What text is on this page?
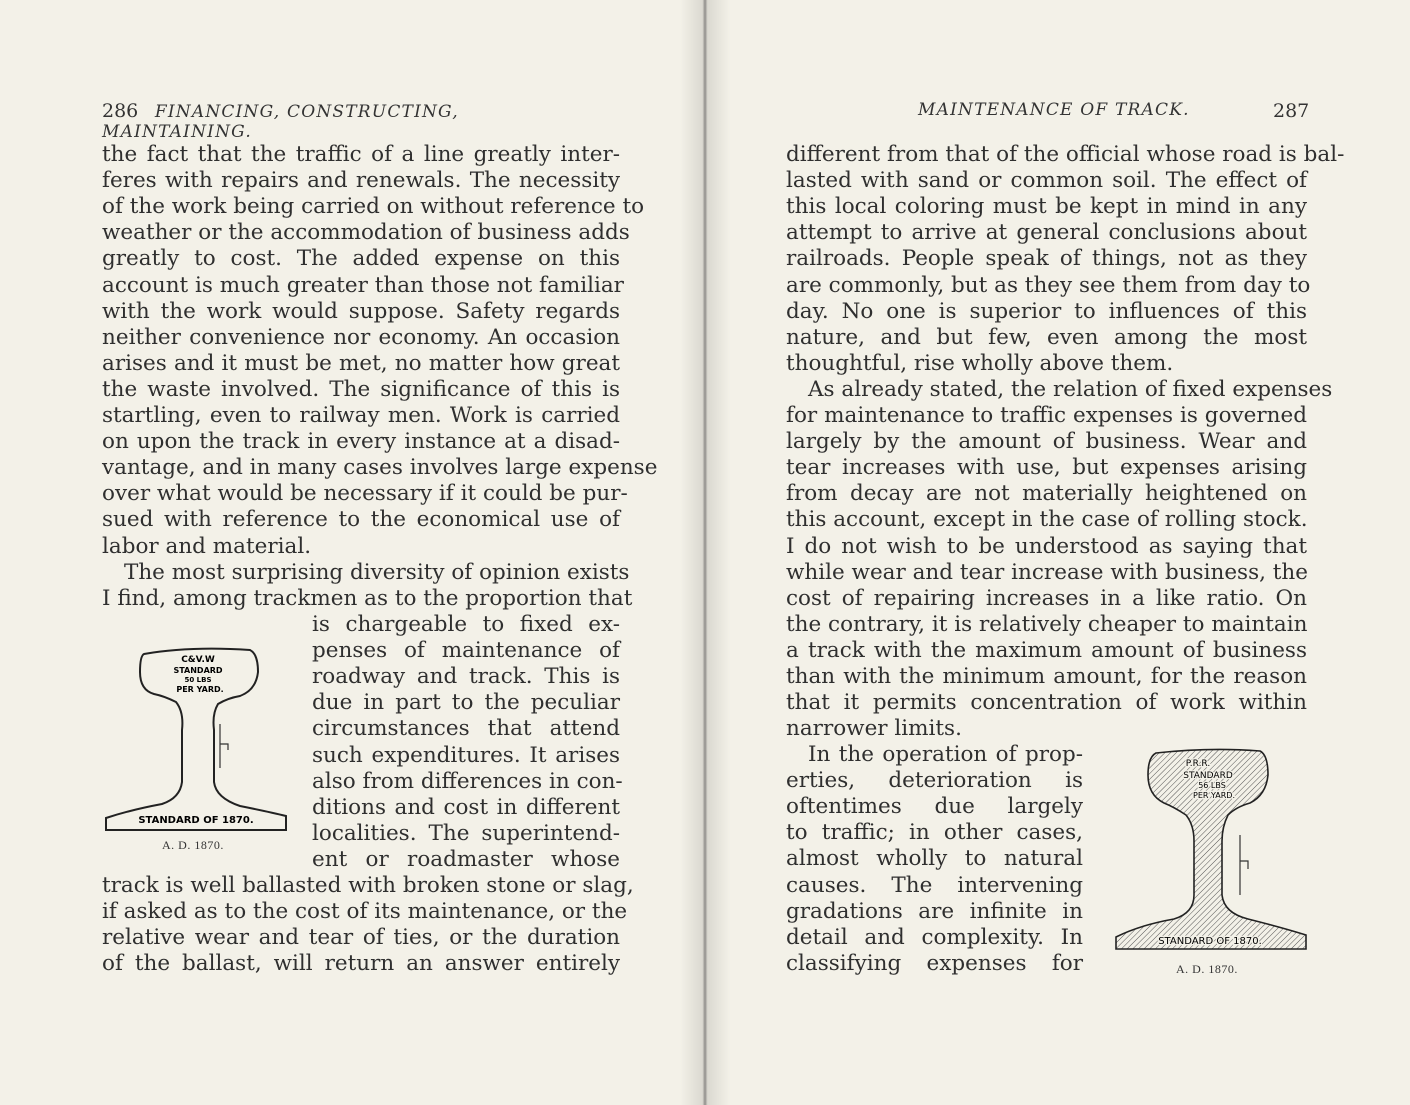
286 FINANCING, CONSTRUCTING, MAINTAINING.
the fact that the traffic of a line greatly inter-
feres with repairs and renewals. The necessity
of the work being carried on without reference to
weather or the accommodation of business adds
greatly to cost. The added expense on this
account is much greater than those not familiar
with the work would suppose. Safety regards
neither convenience nor economy. An occasion
arises and it must be met, no matter how great
the waste involved. The significance of this is
startling, even to railway men. Work is carried
on upon the track in every instance at a disad-
vantage, and in many cases involves large expense
over what would be necessary if it could be pur-
sued with reference to the economical use of
labor and material.
The most surprising diversity of opinion exists
I find, among trackmen as to the proportion that
is chargeable to fixed ex-
penses of maintenance of
roadway and track. This is
due in part to the peculiar
circumstances that attend
such expenditures. It arises
also from differences in con-
ditions and cost in different
localities. The superintend-
ent or roadmaster whose
track is well ballasted with broken stone or slag,
if asked as to the cost of its maintenance, or the
relative wear and tear of ties, or the duration
of the ballast, will return an answer entirely
C&V.W
STANDARD
50 LBS
PER YARD.
STANDARD OF 1870.
A. D. 1870.
MAINTENANCE OF TRACK.	287
different from that of the official whose road is bal-
lasted with sand or common soil. The effect of
this local coloring must be kept in mind in any
attempt to arrive at general conclusions about
railroads. People speak of things, not as they
are commonly, but as they see them from day to
day. No one is superior to influences of this
nature, and but few, even among the most
thoughtful, rise wholly above them.
As already stated, the relation of fixed expenses
for maintenance to traffic expenses is governed
largely by the amount of business. Wear and
tear increases with use, but expenses arising
from decay are not materially heightened on
this account, except in the case of rolling stock.
I do not wish to be understood as saying that
while wear and tear increase with business, the
cost of repairing increases in a like ratio. On
the contrary, it is relatively cheaper to maintain
a track with the maximum amount of business
than with the minimum amount, for the reason
that it permits concentration of work within
narrower limits.
In the operation of prop-
erties, deterioration is
oftentimes due largely
to traffic; in other cases,
almost wholly to natural
causes. The intervening
gradations are infinite in
detail and complexity. In
classifying expenses for
P.R.R.
STANDARD
56 LBS
PER YARD.
STANDARD OF 1870.
A. D. 1870.
